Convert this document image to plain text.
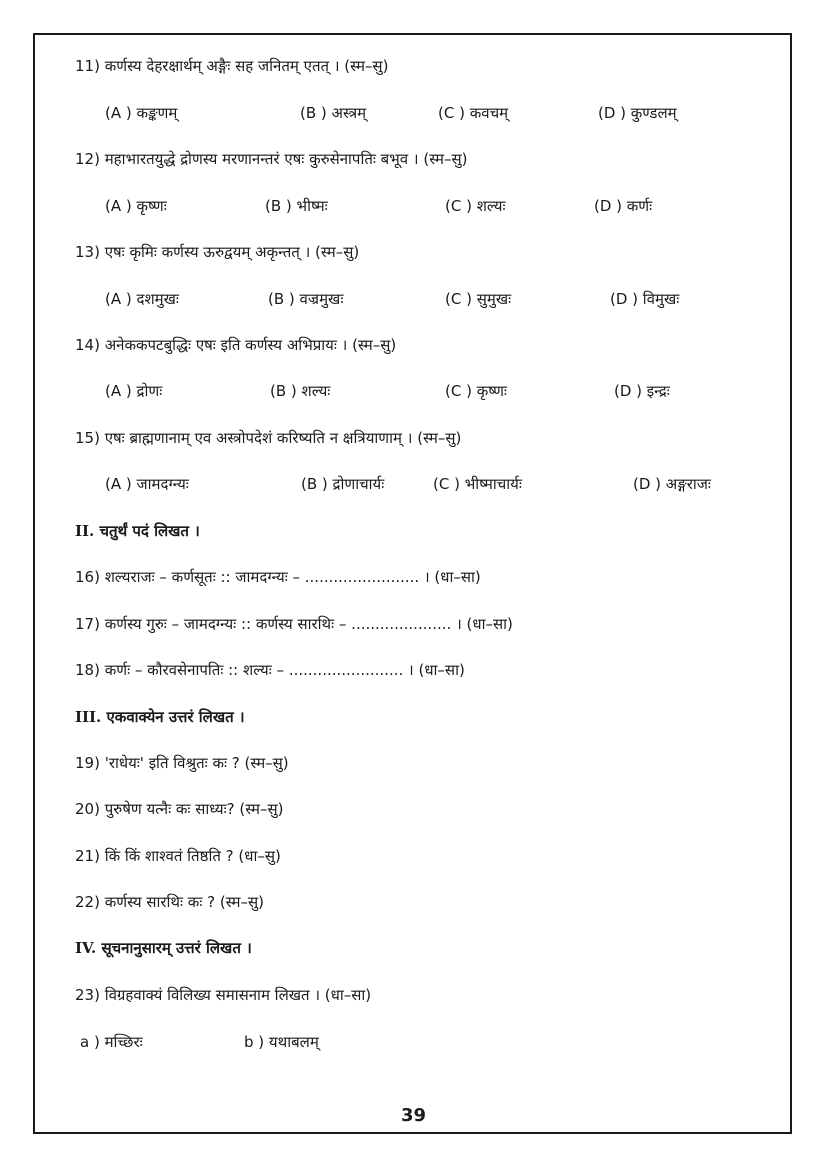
11) कर्णस्य देहरक्षार्थम् अङ्गैः सह जनितम् एतत् । (स्म–सु)
(A ) कङ्कणम्	(B ) अस्त्रम्	(C ) कवचम्	(D ) कुण्डलम्
12) महाभारतयुद्धे द्रोणस्य मरणानन्तरं एषः कुरुसेनापतिः बभूव । (स्म–सु)
(A ) कृष्णः	(B ) भीष्मः	(C ) शल्यः	(D ) कर्णः
13) एषः कृमिः कर्णस्य ऊरुद्वयम् अकृन्तत् । (स्म–सु)
(A ) दशमुखः	(B ) वज्रमुखः	(C ) सुमुखः	(D ) विमुखः
14) अनेककपटबुद्धिः एषः इति कर्णस्य अभिप्रायः । (स्म–सु)
(A ) द्रोणः	(B ) शल्यः	(C ) कृष्णः	(D ) इन्द्रः
15) एषः ब्राह्मणानाम् एव अस्त्रोपदेशं करिष्यति न क्षत्रियाणाम् । (स्म–सु)
(A ) जामदग्न्यः	(B ) द्रोणाचार्यः	(C ) भीष्माचार्यः	(D ) अङ्गराजः
II. चतुर्थं पदं लिखत ।
16) शल्यराजः – कर्णसूतः :: जामदग्न्यः – ........................ । (धा–सा)
17) कर्णस्य गुरुः – जामदग्न्यः :: कर्णस्य सारथिः – ..................... । (धा–सा)
18) कर्णः – कौरवसेनापतिः :: शल्यः – ........................ । (धा–सा)
III. एकवाक्येन उत्तरं लिखत ।
19) 'राधेयः' इति विश्रुतः कः ? (स्म–सु)
20) पुरुषेण यत्नैः कः साध्यः? (स्म–सु)
21) किं किं शाश्वतं तिष्ठति ? (धा–सु)
22) कर्णस्य सारथिः कः ? (स्म–सु)
IV. सूचनानुसारम् उत्तरं लिखत ।
23) विग्रहवाक्यं विलिख्य समासनाम लिखत । (धा–सा)
a ) मच्छिरः	b ) यथाबलम्
39
